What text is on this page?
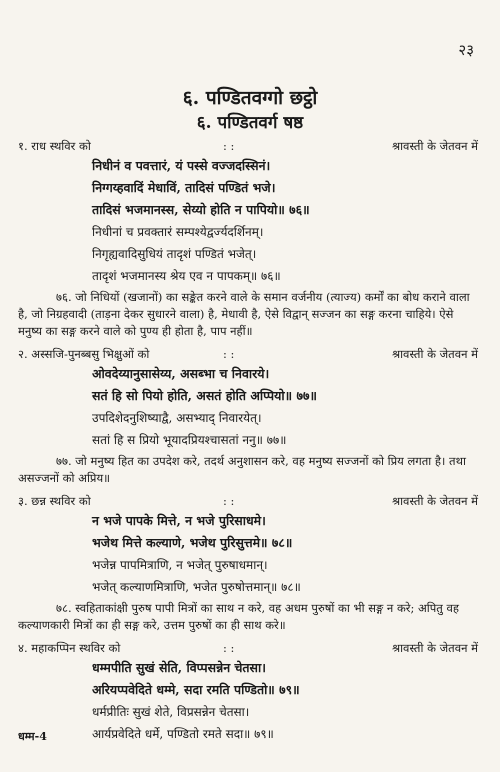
२३
६. पण्डितवग्गो छट्ठो
६. पण्डितवर्ग षष्ठ
१. राध स्थविर को	: :	श्रावस्ती के जेतवन में
निधीनं व पवत्तारं, यं पस्से वज्जदस्सिनं।
निग्गय्हवादिं मेधाविं, तादिसं पण्डितं भजे।
तादिसं भजमानस्स, सेय्यो होति न पापियो॥ ७६॥
निधीनां च प्रवक्तारं सम्पश्येद्वर्ज्यदर्शिनम्।
निगृह्यवादिसुधियं तादृशं पण्डितं भजेत्।
तादृशं भजमानस्य श्रेय एव न पापकम्॥ ७६॥

७६. जो निधियों (खजानों) का सङ्केत करने वाले के समान वर्जनीय (त्याज्य) कर्मों का बोध कराने वाला है, जो निग्रहवादी (ताड़ना देकर सुधारने वाला) है, मेधावी है, ऐसे विद्वान् सज्जन का सङ्ग करना चाहिये। ऐसे मनुष्य का सङ्ग करने वाले को पुण्य ही होता है, पाप नहीं॥

२. अस्सजि-पुनब्बसु भिक्षुओं को	: :	श्रावस्ती के जेतवन में
ओवदेय्यानुसासेय्य, असब्भा च निवारये।
सतं हि सो पियो होति, असतं होति अप्पियो॥ ७७॥
उपदिशेदनुशिष्याद्वै, असभ्याद् निवारयेत्।
सतां हि स प्रियो भूयादप्रियश्चासतां ननु॥ ७७॥

७७. जो मनुष्य हित का उपदेश करे, तदर्थ अनुशासन करे, वह मनुष्य सज्जनों को प्रिय लगता है। तथा असज्जनों को अप्रिय॥

३. छन्न स्थविर को	: :	श्रावस्ती के जेतवन में
न भजे पापके मित्ते, न भजे पुरिसाधमे।
भजेथ मित्ते कल्याणे, भजेथ पुरिसुत्तमे॥ ७८॥
भजेन्न पापमित्राणि, न भजेत् पुरुषाधमान्।
भजेत् कल्याणमित्राणि, भजेत पुरुषोत्तमान्॥ ७८॥

७८. स्वहिताकांक्षी पुरुष पापी मित्रों का साथ न करे, वह अधम पुरुषों का भी सङ्ग न करे; अपितु वह कल्याणकारी मित्रों का ही सङ्ग करे, उत्तम पुरुषों का ही साथ करे॥

४. महाकप्पिन स्थविर को	: :	श्रावस्ती के जेतवन में
धम्मपीति सुखं सेति, विप्पसन्नेन चेतसा।
अरियप्पवेदिते धम्मे, सदा रमति पण्डितो॥ ७९॥
धर्मप्रीतिः सुखं शेते, विप्रसन्नेन चेतसा।
आर्यप्रवेदिते धर्मे, पण्डितो रमते सदा॥ ७९॥
धम्म-4
